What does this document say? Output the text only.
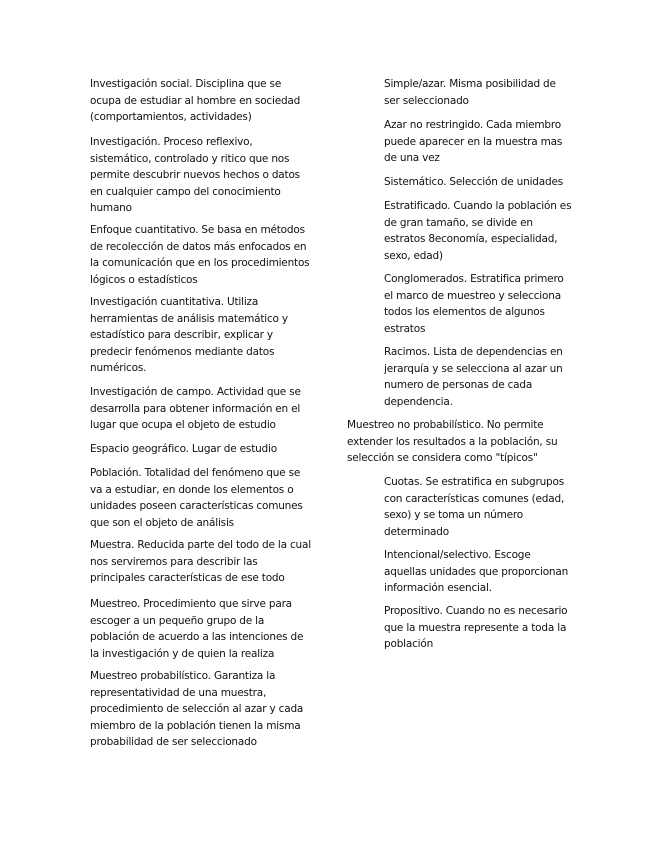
Investigación social. Disciplina que se ocupa de estudiar al hombre en sociedad (comportamientos, actividades)

Investigación. Proceso reflexivo, sistemático, controlado y ritico que nos permite descubrir nuevos hechos o datos en cualquier campo del conocimiento humano

Enfoque cuantitativo. Se basa en métodos de recolección de datos más enfocados en la comunicación que en los procedimientos lógicos o estadísticos

Investigación cuantitativa. Utiliza herramientas de análisis matemático y estadístico para describir, explicar y predecir fenómenos mediante datos numéricos.

Investigación de campo. Actividad que se desarrolla para obtener información en el lugar que ocupa el objeto de estudio

Espacio geográfico. Lugar de estudio

Población. Totalidad del fenómeno que se va a estudiar, en donde los elementos o unidades poseen características comunes que son el objeto de análisis

Muestra. Reducida parte del todo de la cual nos serviremos para describir las principales características de ese todo

Muestreo. Procedimiento que sirve para escoger a un pequeño grupo de la población de acuerdo a las intenciones de la investigación y de quien la realiza

Muestreo probabilístico. Garantiza la representatividad de una muestra, procedimiento de selección al azar y cada miembro de la población tienen la misma probabilidad de ser seleccionado

Simple/azar. Misma posibilidad de ser seleccionado

Azar no restringido. Cada miembro puede aparecer en la muestra mas de una vez

Sistemático. Selección de unidades

Estratificado. Cuando la población es de gran tamaño, se divide en estratos 8economía, especialidad, sexo, edad)

Conglomerados. Estratifica primero el marco de muestreo y selecciona todos los elementos de algunos estratos

Racimos. Lista de dependencias en jerarquía y se selecciona al azar un numero de personas de cada dependencia.

Muestreo no probabilístico. No permite extender los resultados a la población, su selección se considera como "típicos"

Cuotas. Se estratifica en subgrupos con características comunes (edad, sexo) y se toma un número determinado

Intencional/selectivo. Escoge aquellas unidades que proporcionan información esencial.

Propositivo. Cuando no es necesario que la muestra represente a toda la población
